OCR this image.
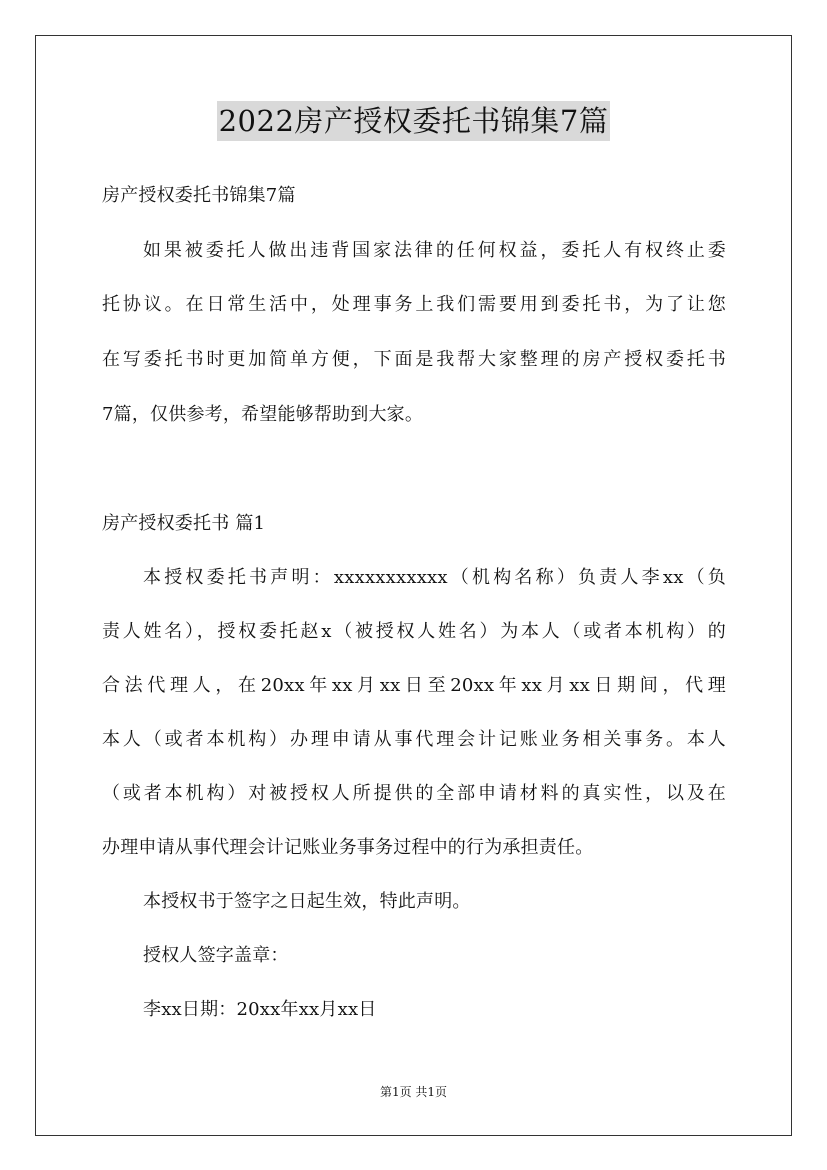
2022房产授权委托书锦集7篇
房产授权委托书锦集7篇
如果被委托人做出违背国家法律的任何权益，委托人有权终止委
托协议。在日常生活中，处理事务上我们需要用到委托书，为了让您
在写委托书时更加简单方便，下面是我帮大家整理的房产授权委托书
7篇，仅供参考，希望能够帮助到大家。
房产授权委托书 篇1
本授权委托书声明：xxxxxxxxxxx（机构名称）负责人李xx（负
责人姓名），授权委托赵x（被授权人姓名）为本人（或者本机构）的
合法代理人，在20xx年xx月xx日至20xx年xx月xx日期间，代理
本人（或者本机构）办理申请从事代理会计记账业务相关事务。本人
（或者本机构）对被授权人所提供的全部申请材料的真实性，以及在
办理申请从事代理会计记账业务事务过程中的行为承担责任。
本授权书于签字之日起生效，特此声明。
授权人签字盖章：
李xx日期：20xx年xx月xx日
第1页 共1页
